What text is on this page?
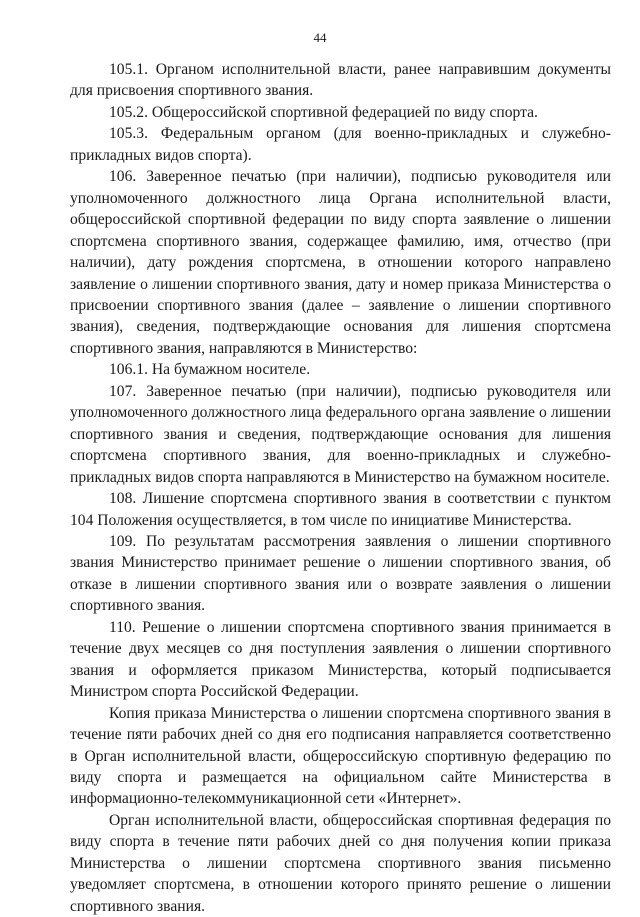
44

105.1. Органом исполнительной власти, ранее направившим документы для присвоения спортивного звания.

105.2. Общероссийской спортивной федерацией по виду спорта.

105.3. Федеральным органом (для военно-прикладных и служебно-прикладных видов спорта).

106. Заверенное печатью (при наличии), подписью руководителя или уполномоченного должностного лица Органа исполнительной власти, общероссийской спортивной федерации по виду спорта заявление о лишении спортсмена спортивного звания, содержащее фамилию, имя, отчество (при наличии), дату рождения спортсмена, в отношении которого направлено заявление о лишении спортивного звания, дату и номер приказа Министерства о присвоении спортивного звания (далее – заявление о лишении спортивного звания), сведения, подтверждающие основания для лишения спортсмена спортивного звания, направляются в Министерство:

106.1. На бумажном носителе.

107. Заверенное печатью (при наличии), подписью руководителя или уполномоченного должностного лица федерального органа заявление о лишении спортивного звания и сведения, подтверждающие основания для лишения спортсмена спортивного звания, для военно-прикладных и служебно-прикладных видов спорта направляются в Министерство на бумажном носителе.

108. Лишение спортсмена спортивного звания в соответствии с пунктом 104 Положения осуществляется, в том числе по инициативе Министерства.

109. По результатам рассмотрения заявления о лишении спортивного звания Министерство принимает решение о лишении спортивного звания, об отказе в лишении спортивного звания или о возврате заявления о лишении спортивного звания.

110. Решение о лишении спортсмена спортивного звания принимается в течение двух месяцев со дня поступления заявления о лишении спортивного звания и оформляется приказом Министерства, который подписывается Министром спорта Российской Федерации.

Копия приказа Министерства о лишении спортсмена спортивного звания в течение пяти рабочих дней со дня его подписания направляется соответственно в Орган исполнительной власти, общероссийскую спортивную федерацию по виду спорта и размещается на официальном сайте Министерства в информационно-телекоммуникационной сети «Интернет».

Орган исполнительной власти, общероссийская спортивная федерация по виду спорта в течение пяти рабочих дней со дня получения копии приказа Министерства о лишении спортсмена спортивного звания письменно уведомляет спортсмена, в отношении которого принято решение о лишении спортивного звания.
